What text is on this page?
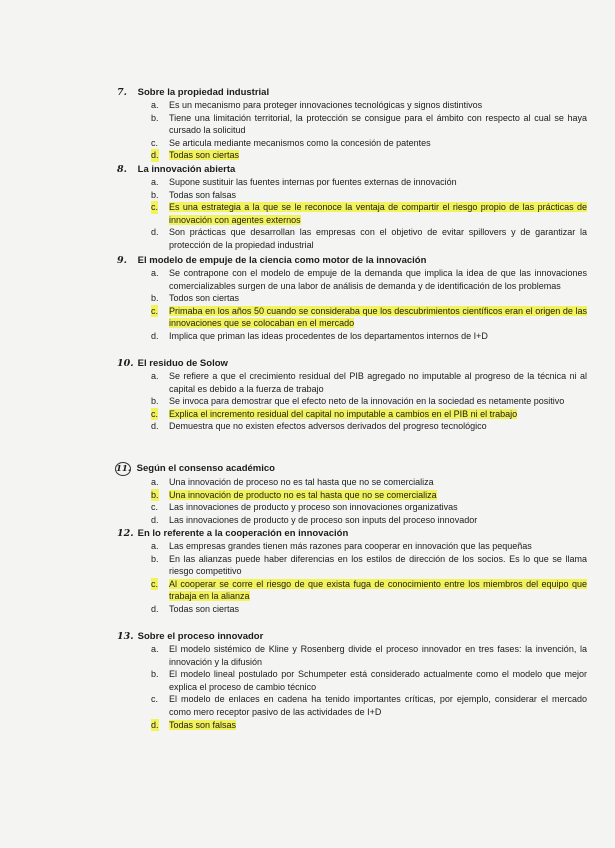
7. Sobre la propiedad industrial
a. Es un mecanismo para proteger innovaciones tecnológicas y signos distintivos
b. Tiene una limitación territorial, la protección se consigue para el ámbito con respecto al cual se haya cursado la solicitud
c. Se articula mediante mecanismos como la concesión de patentes
d. Todas son ciertas
8. La innovación abierta
a. Supone sustituir las fuentes internas por fuentes externas de innovación
b. Todas son falsas
c. Es una estrategia a la que se le reconoce la ventaja de compartir el riesgo propio de las prácticas de innovación con agentes externos
d. Son prácticas que desarrollan las empresas con el objetivo de evitar spillovers y de garantizar la protección de la propiedad industrial
9. El modelo de empuje de la ciencia como motor de la innovación
a. Se contrapone con el modelo de empuje de la demanda que implica la idea de que las innovaciones comercializables surgen de una labor de análisis de demanda y de identificación de los problemas
b. Todos son ciertas
c. Primaba en los años 50 cuando se consideraba que los descubrimientos científicos eran el origen de las innovaciones que se colocaban en el mercado
d. Implica que priman las ideas procedentes de los departamentos internos de I+D
10. El residuo de Solow
a. Se refiere a que el crecimiento residual del PIB agregado no imputable al progreso de la técnica ni al capital es debido a la fuerza de trabajo
b. Se invoca para demostrar que el efecto neto de la innovación en la sociedad es netamente positivo
c. Explica el incremento residual del capital no imputable a cambios en el PIB ni el trabajo
d. Demuestra que no existen efectos adversos derivados del progreso tecnológico
11. Según el consenso académico
a. Una innovación de proceso no es tal hasta que no se comercializa
b. Una innovación de producto no es tal hasta que no se comercializa
c. Las innovaciones de producto y proceso son innovaciones organizativas
d. Las innovaciones de producto y de proceso son inputs del proceso innovador
12. En lo referente a la cooperación en innovación
a. Las empresas grandes tienen más razones para cooperar en innovación que las pequeñas
b. En las alianzas puede haber diferencias en los estilos de dirección de los socios. Es lo que se llama riesgo competitivo
c. Al cooperar se corre el riesgo de que exista fuga de conocimiento entre los miembros del equipo que trabaja en la alianza
d. Todas son ciertas
13. Sobre el proceso innovador
a. El modelo sistémico de Kline y Rosenberg divide el proceso innovador en tres fases: la invención, la innovación y la difusión
b. El modelo lineal postulado por Schumpeter está considerado actualmente como el modelo que mejor explica el proceso de cambio técnico
c. El modelo de enlaces en cadena ha tenido importantes críticas, por ejemplo, considerar el mercado como mero receptor pasivo de las actividades de I+D
d. Todas son falsas
